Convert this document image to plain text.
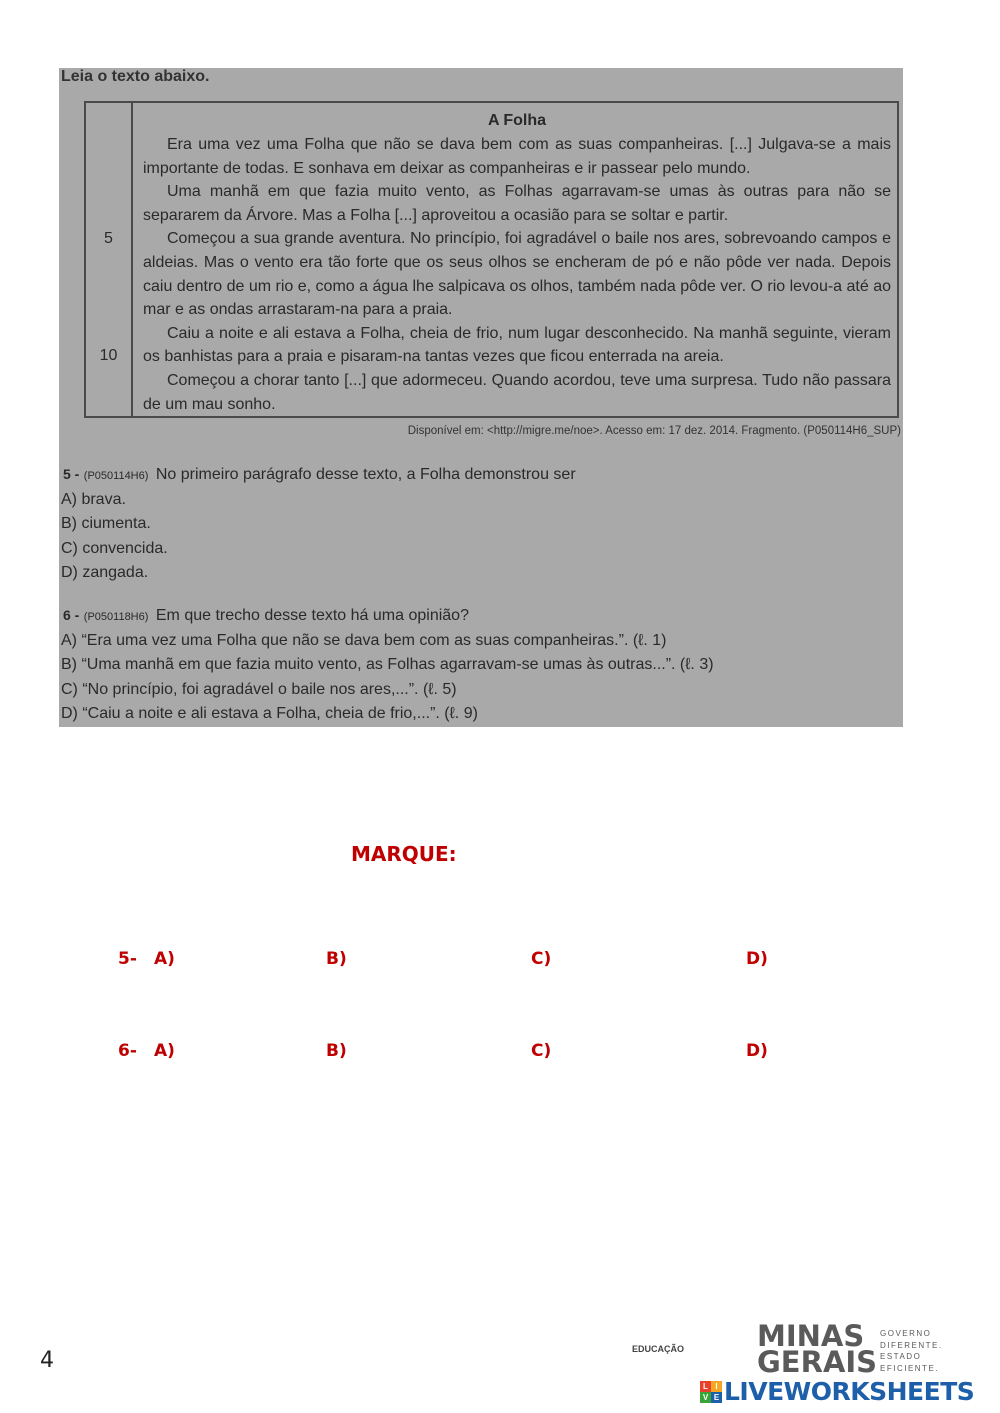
Leia o texto abaixo.
5
10
A Folha

Era uma vez uma Folha que não se dava bem com as suas companheiras. [...] Julgava-se a mais importante de todas. E sonhava em deixar as companheiras e ir passear pelo mundo.

Uma manhã em que fazia muito vento, as Folhas agarravam-se umas às outras para não se separarem da Árvore. Mas a Folha [...] aproveitou a ocasião para se soltar e partir.

Começou a sua grande aventura. No princípio, foi agradável o baile nos ares, sobrevoando campos e aldeias. Mas o vento era tão forte que os seus olhos se encheram de pó e não pôde ver nada. Depois caiu dentro de um rio e, como a água lhe salpicava os olhos, também nada pôde ver. O rio levou-a até ao mar e as ondas arrastaram-na para a praia.

Caiu a noite e ali estava a Folha, cheia de frio, num lugar desconhecido. Na manhã seguinte, vieram os banhistas para a praia e pisaram-na tantas vezes que ficou enterrada na areia.

Começou a chorar tanto [...] que adormeceu. Quando acordou, teve uma surpresa. Tudo não passara de um mau sonho.

Disponível em: <http://migre.me/noe>. Acesso em: 17 dez. 2014. Fragmento. (P050114H6_SUP)
5 - (P050114H6) No primeiro parágrafo desse texto, a Folha demonstrou ser
A) brava.
B) ciumenta.
C) convencida.
D) zangada.
6 - (P050118H6) Em que trecho desse texto há uma opinião?
A) “Era uma vez uma Folha que não se dava bem com as suas companheiras.”. (ℓ. 1)
B) “Uma manhã em que fazia muito vento, as Folhas agarravam-se umas às outras...”. (ℓ. 3)
C) “No princípio, foi agradável o baile nos ares,...”. (ℓ. 5)
D) “Caiu a noite e ali estava a Folha, cheia de frio,...”. (ℓ. 9)
MARQUE:
5- A)	B)	C)	D)
6- A)	B)	C)	D)
4	EDUCAÇÃO	MINAS
GERAIS
GOVERNO
DIFERENTE.
ESTADO
EFICIENTE.
L I
V E LIVEWORKSHEETS
